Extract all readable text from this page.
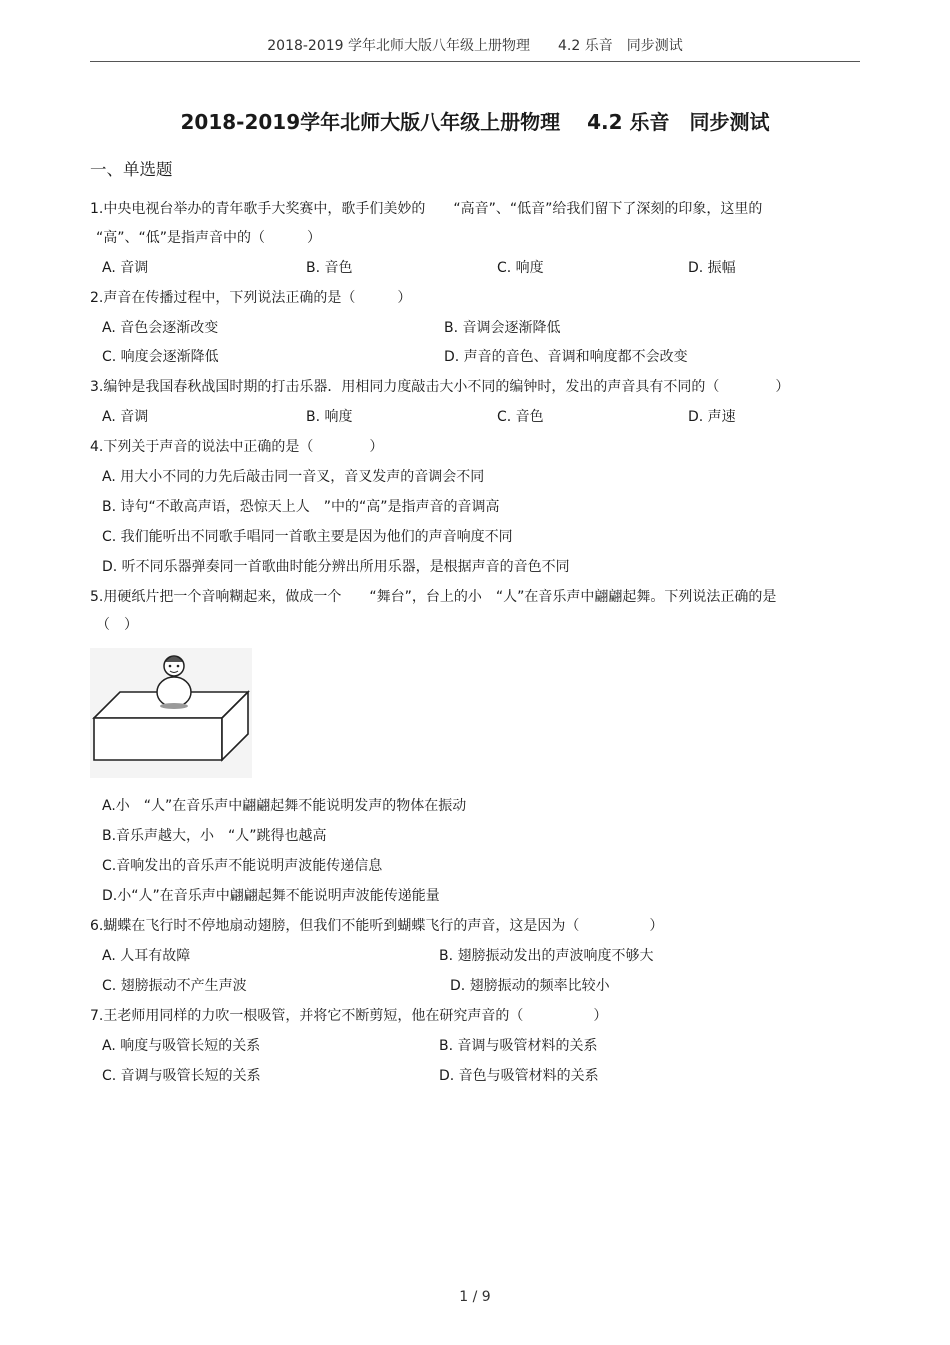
2018-2019 学年北师大版八年级上册物理　　4.2 乐音　同步测试
2018-2019学年北师大版八年级上册物理　 4.2 乐音　同步测试
一、单选题
1.中央电视台举办的青年歌手大奖赛中，歌手们美妙的　　“高音”、“低音”给我们留下了深刻的印象，这里的
“高”、“低”是指声音中的（　　　）
A. 音调	B. 音色	C. 响度	D. 振幅
2.声音在传播过程中，下列说法正确的是（　　　）
A. 音色会逐渐改变	B. 音调会逐渐降低
C. 响度会逐渐降低	D. 声音的音色、音调和响度都不会改变
3.编钟是我国春秋战国时期的打击乐器．用相同力度敲击大小不同的编钟时，发出的声音具有不同的（　　　　）
A. 音调	B. 响度	C. 音色	D. 声速
4.下列关于声音的说法中正确的是（　　　　）
A. 用大小不同的力先后敲击同一音叉，音叉发声的音调会不同
B. 诗句“不敢高声语，恐惊天上人　”中的“高”是指声音的音调高
C. 我们能听出不同歌手唱同一首歌主要是因为他们的声音响度不同
D. 听不同乐器弹奏同一首歌曲时能分辨出所用乐器，是根据声音的音色不同
5.用硬纸片把一个音响糊起来，做成一个　　“舞台”，台上的小　“人”在音乐声中翩翩起舞。下列说法正确的是
（　）
A.小　“人”在音乐声中翩翩起舞不能说明发声的物体在振动
B.音乐声越大，小　“人”跳得也越高
C.音响发出的音乐声不能说明声波能传递信息
D.小“人”在音乐声中翩翩起舞不能说明声波能传递能量
6.蝴蝶在飞行时不停地扇动翅膀，但我们不能听到蝴蝶飞行的声音，这是因为（　　　　　）
A. 人耳有故障	B. 翅膀振动发出的声波响度不够大
C. 翅膀振动不产生声波	D. 翅膀振动的频率比较小
7.王老师用同样的力吹一根吸管，并将它不断剪短，他在研究声音的（　　　　　）
A. 响度与吸管长短的关系	B. 音调与吸管材料的关系
C. 音调与吸管长短的关系	D. 音色与吸管材料的关系
1 / 9
